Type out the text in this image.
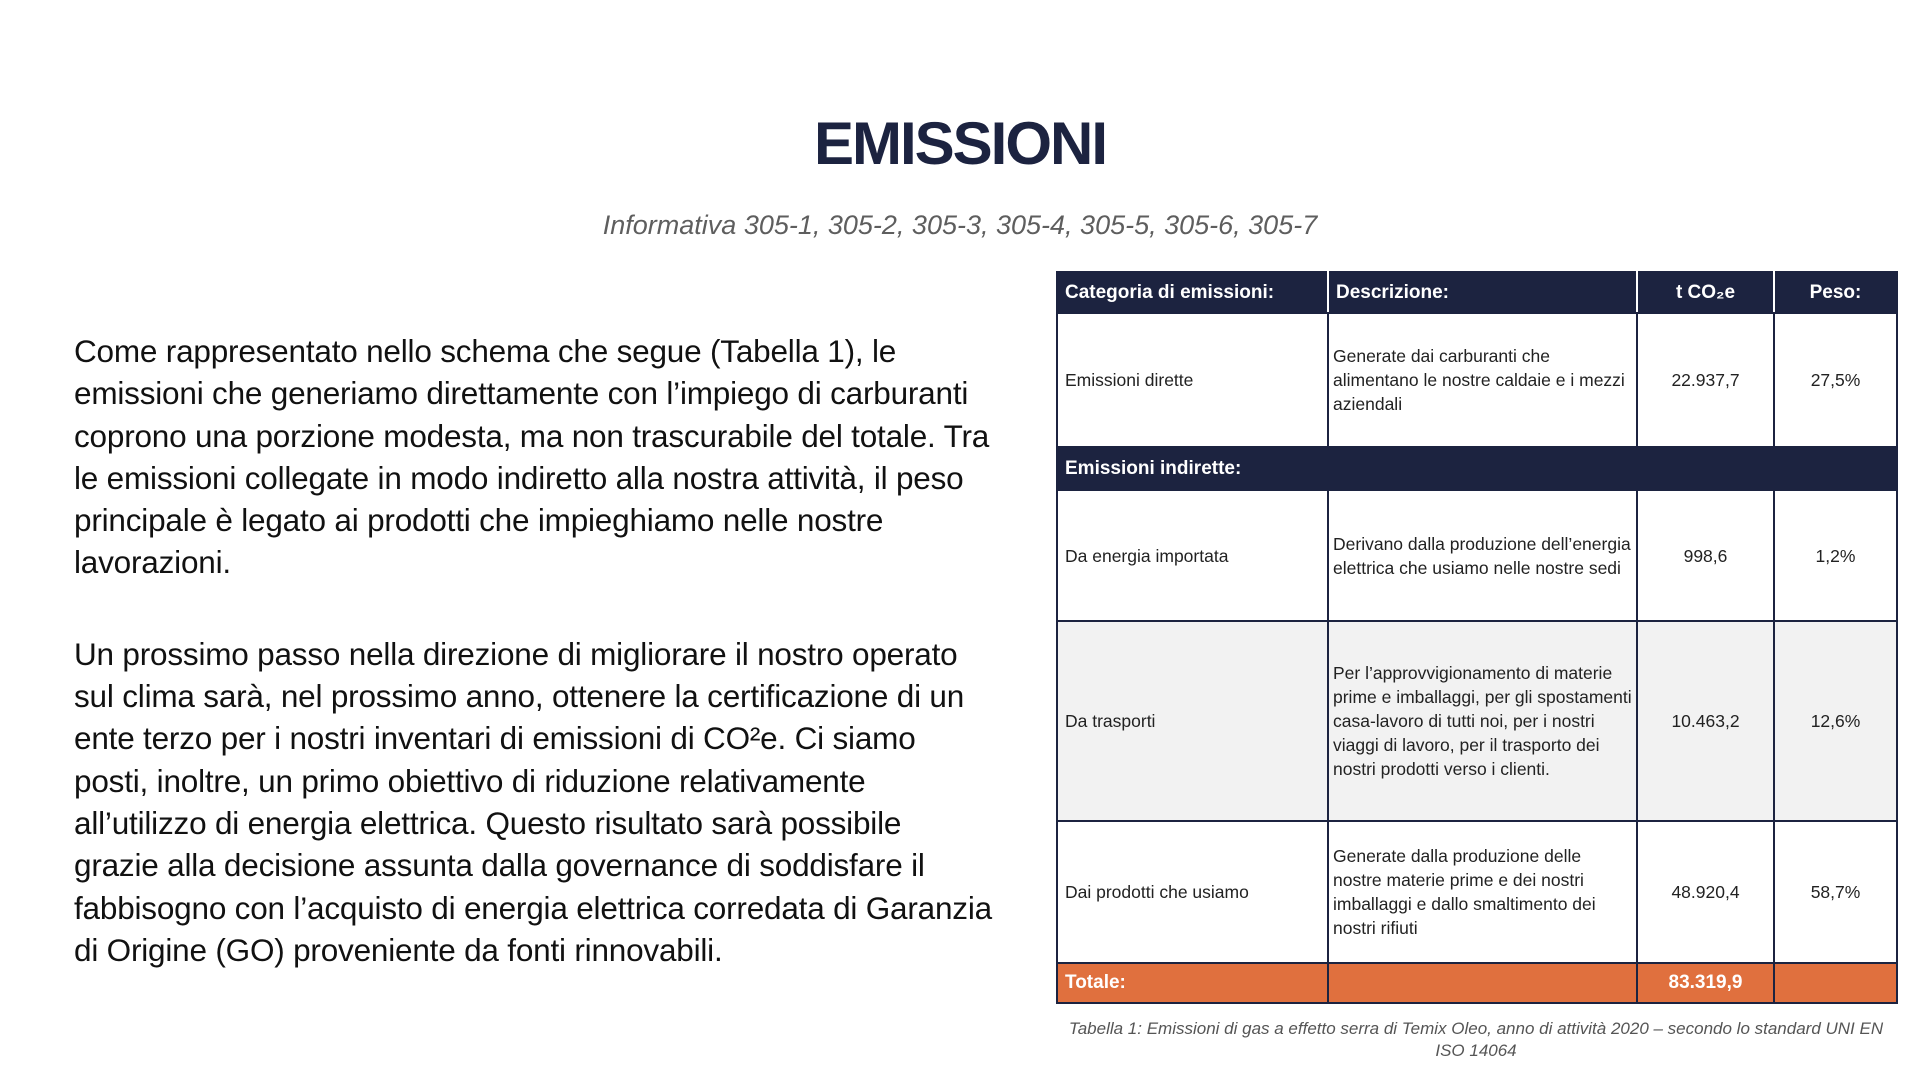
EMISSIONI
Informativa 305-1, 305-2, 305-3, 305-4, 305-5, 305-6, 305-7

Come rappresentato nello schema che segue (Tabella 1), le emissioni che generiamo direttamente con l’impiego di carburanti coprono una porzione modesta, ma non trascurabile del totale. Tra le emissioni collegate in modo indiretto alla nostra attività, il peso principale è legato ai prodotti che impieghiamo nelle nostre lavorazioni.

Un prossimo passo nella direzione di migliorare il nostro operato sul clima sarà, nel prossimo anno, ottenere la certificazione di un ente terzo per i nostri inventari di emissioni di CO²e. Ci siamo posti, inoltre, un primo obiettivo di riduzione relativamente all’utilizzo di energia elettrica. Questo risultato sarà possibile grazie alla decisione assunta dalla governance di soddisfare il fabbisogno con l’acquisto di energia elettrica corredata di Garanzia di Origine (GO) proveniente da fonti rinnovabili.

Categoria di emissioni:	Descrizione:	t CO₂e	Peso:
Emissioni dirette	Generate dai carburanti che alimentano le nostre caldaie e i mezzi aziendali	22.937,7	27,5%
Emissioni indirette:			
Da energia importata	Derivano dalla produzione dell’energia elettrica che usiamo nelle nostre sedi	998,6	1,2%
Da trasporti	Per l’approvvigionamento di materie prime e imballaggi, per gli spostamenti casa-lavoro di tutti noi, per i nostri viaggi di lavoro, per il trasporto dei nostri prodotti verso i clienti.	10.463,2	12,6%
Dai prodotti che usiamo	Generate dalla produzione delle nostre materie prime e dei nostri imballaggi e dallo smaltimento dei nostri rifiuti	48.920,4	58,7%
Totale:		83.319,9	
Tabella 1: Emissioni di gas a effetto serra di Temix Oleo, anno di attività 2020 – secondo lo standard UNI EN ISO 14064
